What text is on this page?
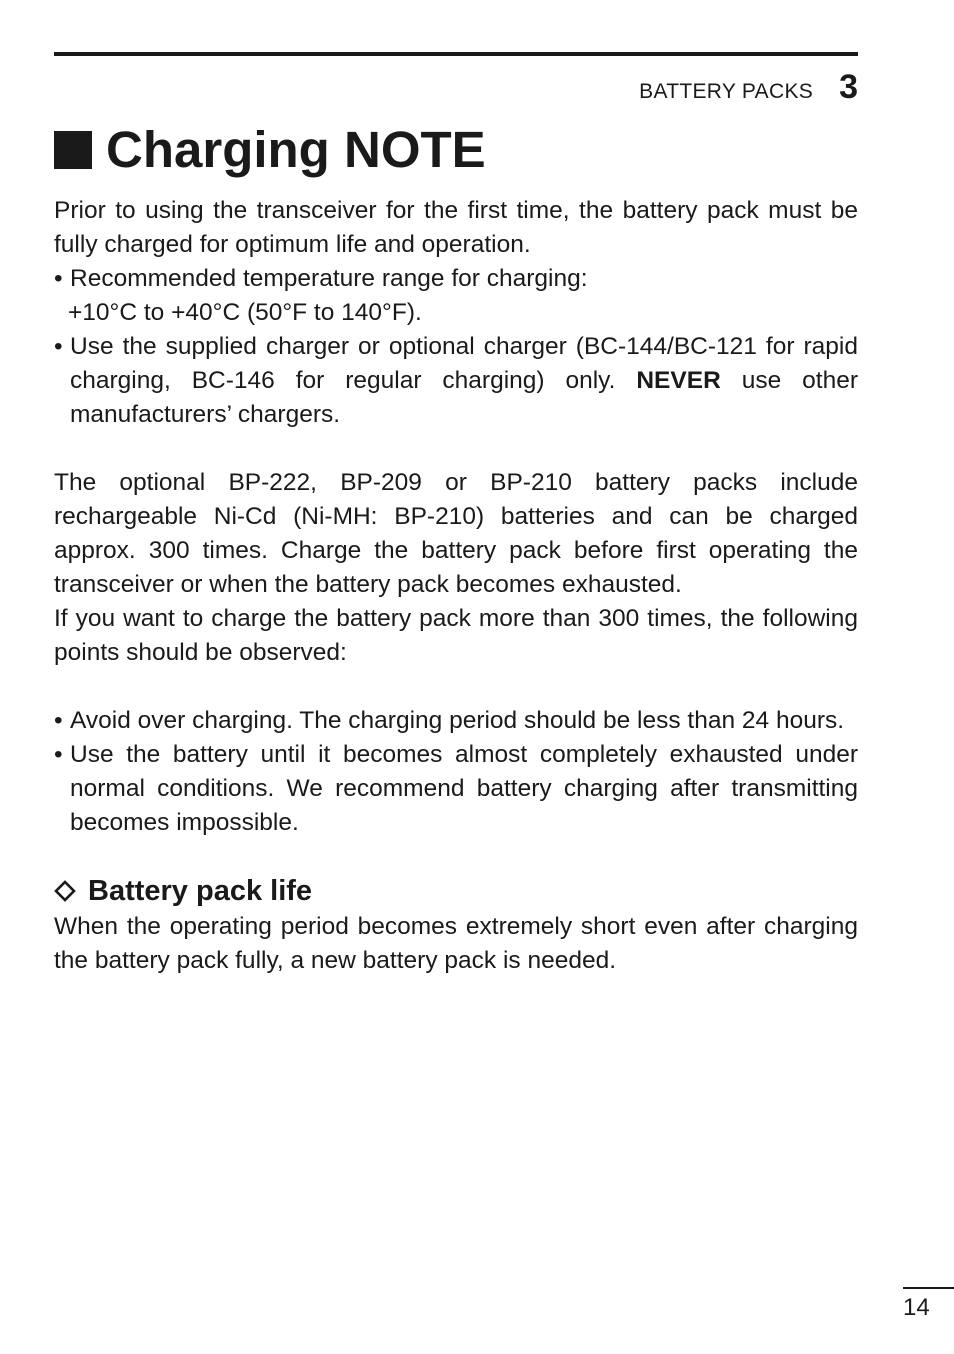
BATTERY PACKS 3
Charging NOTE

Prior to using the transceiver for the first time, the battery pack must be fully charged for optimum life and operation.

• Recommended temperature range for charging:
+10°C to +40°C (50°F to 140°F).
• Use the supplied charger or optional charger (BC-144/BC-121 for rapid charging, BC-146 for regular charging) only. NEVER use other manufacturers’ chargers.

The optional BP-222, BP-209 or BP-210 battery packs include rechargeable Ni-Cd (Ni-MH: BP-210) batteries and can be charged approx. 300 times. Charge the battery pack before first operating the transceiver or when the battery pack becomes exhausted.

If you want to charge the battery pack more than 300 times, the following points should be observed:

• Avoid over charging. The charging period should be less than 24 hours.
• Use the battery until it becomes almost completely exhausted under normal conditions. We recommend battery charging after transmitting becomes impossible.
Battery pack life

When the operating period becomes extremely short even after charging the battery pack fully, a new battery pack is needed.

14
